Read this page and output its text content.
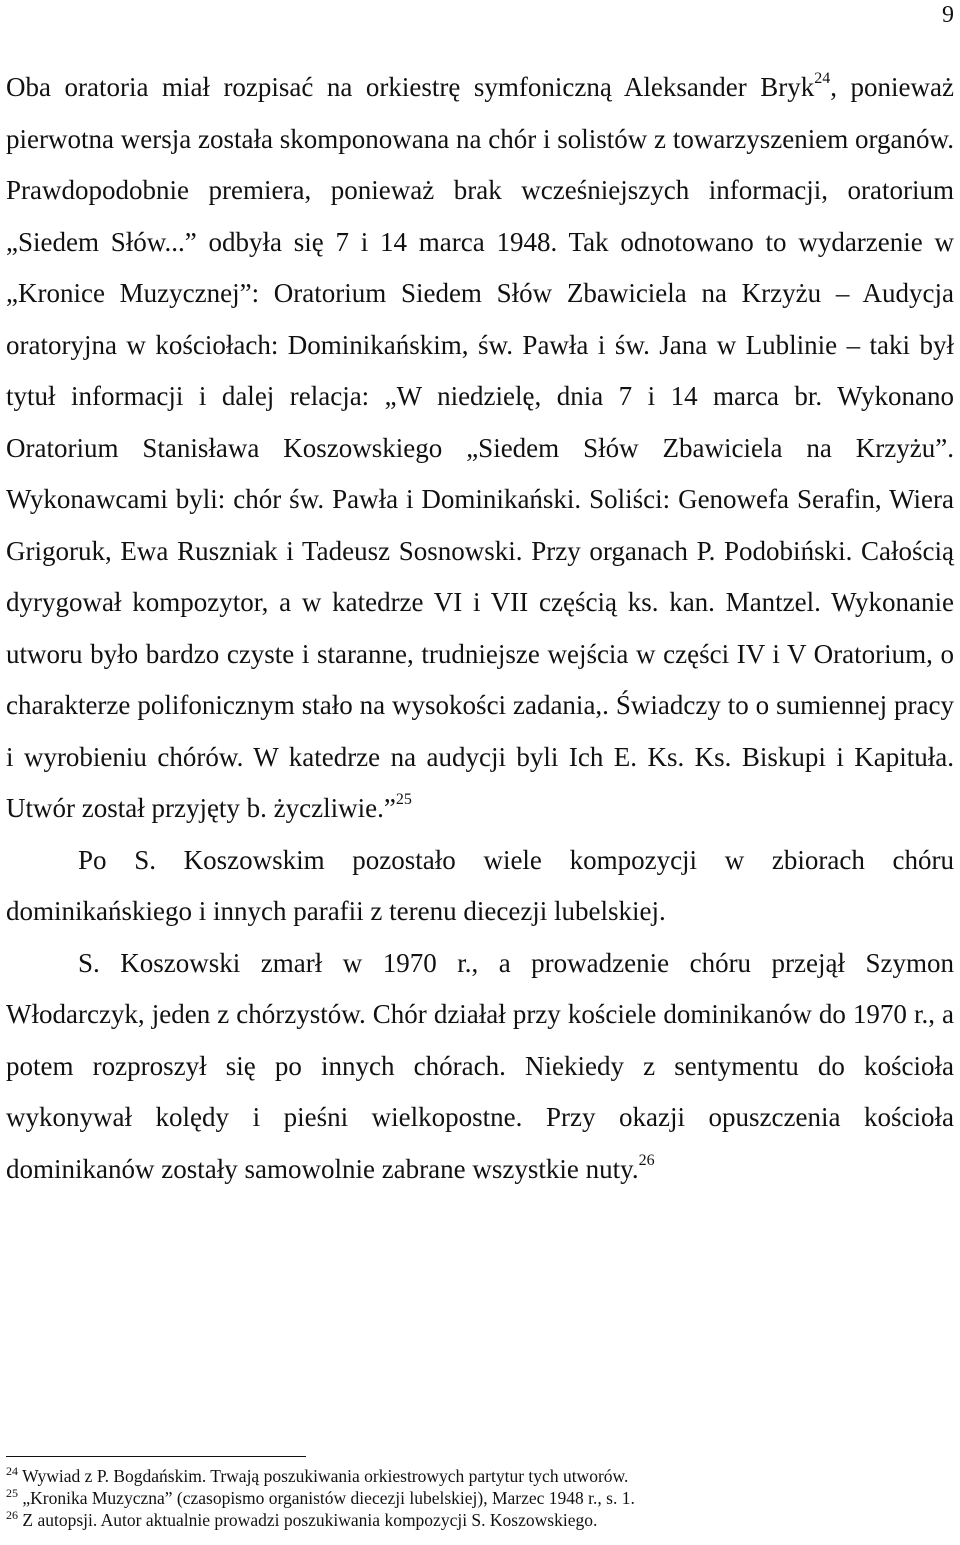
9

Oba oratoria miał rozpisać na orkiestrę symfoniczną Aleksander Bryk$^{24}$, ponieważ pierwotna wersja została skomponowana na chór i solistów z towarzyszeniem organów. Prawdopodobnie premiera, ponieważ brak wcześniejszych informacji, oratorium „Siedem Słów...” odbyła się 7 i 14 marca 1948. Tak odnotowano to wydarzenie w „Kronice Muzycznej”: Oratorium Siedem Słów Zbawiciela na Krzyżu – Audycja oratoryjna w kościołach: Dominikańskim, św. Pawła i św. Jana w Lublinie – taki był tytuł informacji i dalej relacja: „W niedzielę, dnia 7 i 14 marca br. Wykonano Oratorium Stanisława Koszowskiego „Siedem Słów Zbawiciela na Krzyżu”. Wykonawcami byli: chór św. Pawła i Dominikański. Soliści: Genowefa Serafin, Wiera Grigoruk, Ewa Ruszniak i Tadeusz Sosnowski. Przy organach P. Podobiński. Całością dyrygował kompozytor, a w katedrze VI i VII częścią ks. kan. Mantzel. Wykonanie utworu było bardzo czyste i staranne, trudniejsze wejścia w części IV i V Oratorium, o charakterze polifonicznym stało na wysokości zadania,. Świadczy to o sumiennej pracy i wyrobieniu chórów. W katedrze na audycji byli Ich E. Ks. Ks. Biskupi i Kapituła. Utwór został przyjęty b. życzliwie.”$^{25}$

Po S. Koszowskim pozostało wiele kompozycji w zbiorach chóru dominikańskiego i innych parafii z terenu diecezji lubelskiej.

S. Koszowski zmarł w 1970 r., a prowadzenie chóru przejął Szymon Włodarczyk, jeden z chórzystów. Chór działał przy kościele dominikanów do 1970 r., a potem rozproszył się po innych chórach. Niekiedy z sentymentu do kościoła wykonywał kolędy i pieśni wielkopostne. Przy okazji opuszczenia kościoła dominikanów zostały samowolnie zabrane wszystkie nuty.$^{26}$

$^{24}$ Wywiad z P. Bogdańskim. Trwają poszukiwania orkiestrowych partytur tych utworów.
$^{25}$ „Kronika Muzyczna” (czasopismo organistów diecezji lubelskiej), Marzec 1948 r., s. 1.
$^{26}$ Z autopsji. Autor aktualnie prowadzi poszukiwania kompozycji S. Koszowskiego.
